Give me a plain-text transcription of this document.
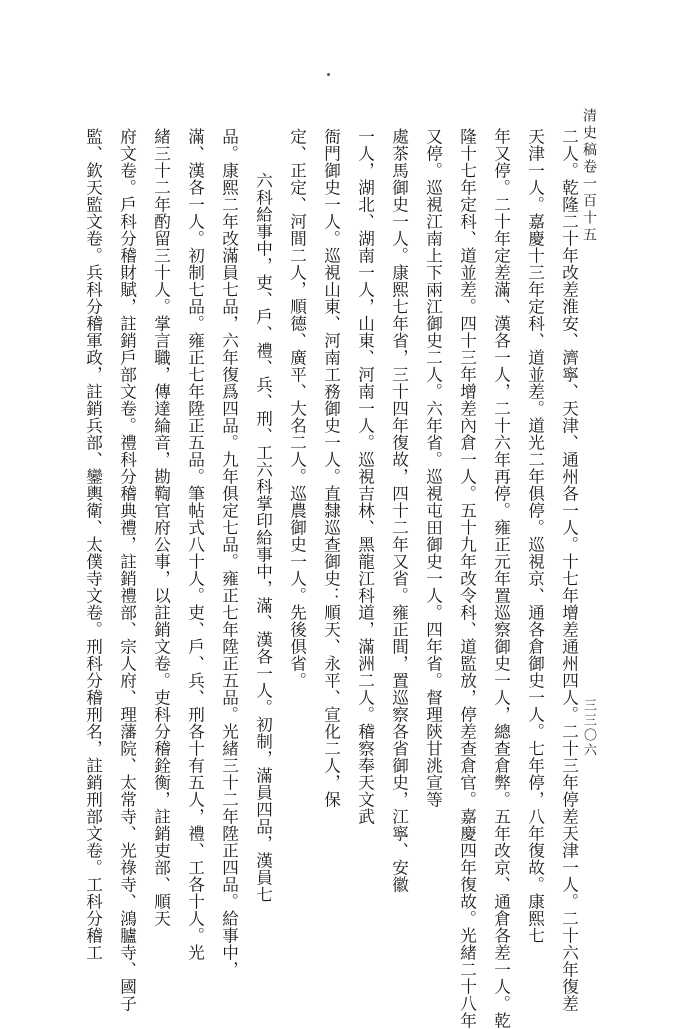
清史稿卷一百十五
三三〇六
二人。乾隆二十年改差淮安、濟寧、天津、通州各一人。十七年增差通州四人。二十三年停差天津一人。二十六年復差
天津一人。嘉慶十三年定科、道並差。道光二年俱停。巡視京、通各倉御史一人。七年停，八年復故。康熙七
年又停。二十年定差滿、漢各一人，二十六年再停。雍正元年置巡察御史一人，總查倉弊。五年改京、通倉各差一人。乾
隆十七年定科、道並差。四十三年增差內倉一人。五十九年改令科、道監放，停差查倉官。嘉慶四年復故。光緒二十八年
又停。巡視江南上下兩江御史二人。六年省。巡視屯田御史一人。四年省。督理陝甘洮宣等
處茶馬御史一人。康熙七年省，三十四年復故，四十二年又省。雍正間，置巡察各省御史，江寧、安徽
一人，湖北、湖南一人，山東、河南一人。巡視吉林、黑龍江科道，滿洲二人。稽察奉天文武
衙門御史一人。巡視山東、河南工務御史一人。直隸巡查御史：順天、永平、宣化二人，保
定、正定、河間二人，順德、廣平、大名二人。巡農御史一人。先後俱省。
六科給事中，吏、戶、禮、兵、刑、工六科掌印給事中，滿、漢各一人。初制，滿員四品，漢員七
品。康熙二年改滿員七品，六年復爲四品。九年俱定七品。雍正七年陞正五品。光緒三十二年陞正四品。給事中，
滿、漢各一人。初制七品。雍正七年陞正五品。筆帖式八十人。吏、戶、兵、刑各十有五人，禮、工各十人。光
緒三十二年酌留三十人。掌言職，傳達綸音，勘鞫官府公事，以註銷文卷。吏科分稽銓衡，註銷吏部、順天
府文卷。戶科分稽財賦，註銷戶部文卷。禮科分稽典禮，註銷禮部、宗人府、理藩院、太常寺、光祿寺、鴻臚寺、國子
監、欽天監文卷。兵科分稽軍政，註銷兵部、鑾輿衛、太僕寺文卷。刑科分稽刑名，註銷刑部文卷。工科分稽工
